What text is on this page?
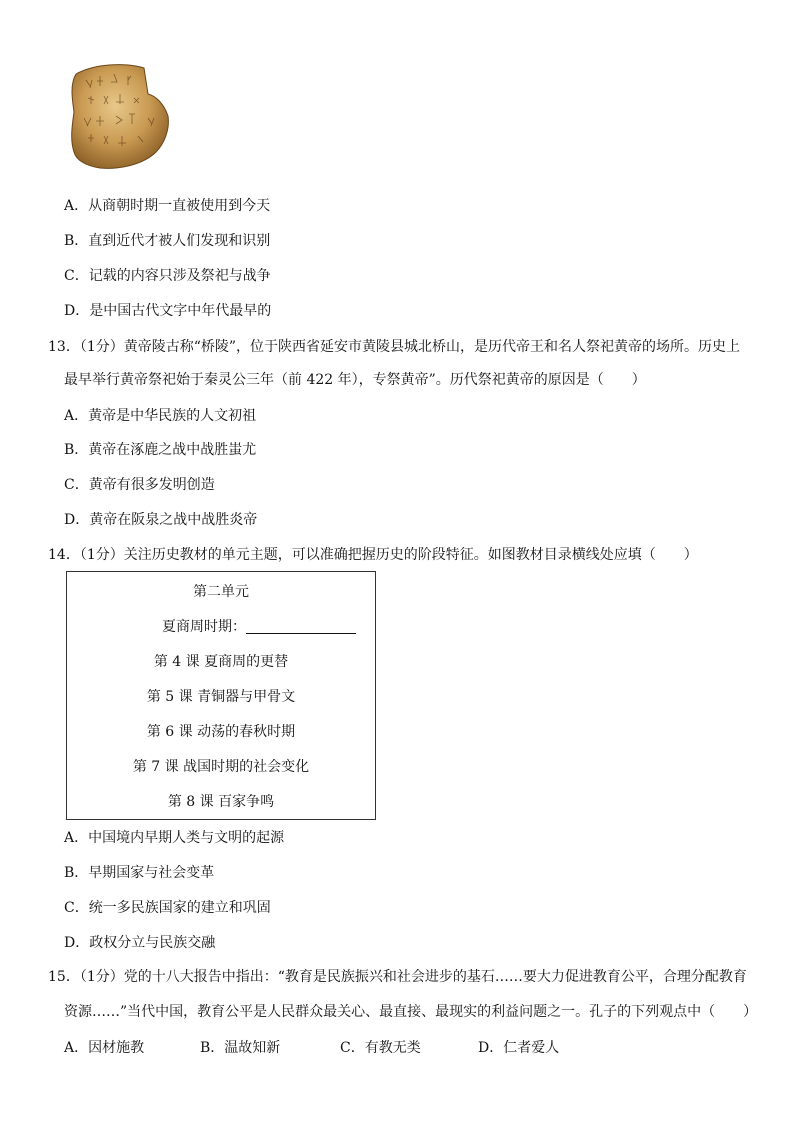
A．从商朝时期一直被使用到今天
B．直到近代才被人们发现和识别
C．记载的内容只涉及祭祀与战争
D．是中国古代文字中年代最早的
13．（1分）黄帝陵古称“桥陵”，位于陕西省延安市黄陵县城北桥山，是历代帝王和名人祭祀黄帝的场所。历史上
最早举行黄帝祭祀始于秦灵公三年（前 422 年），专祭黄帝”。历代祭祀黄帝的原因是（　　）
A．黄帝是中华民族的人文初祖
B．黄帝在涿鹿之战中战胜蚩尤
C．黄帝有很多发明创造
D．黄帝在阪泉之战中战胜炎帝
14．（1分）关注历史教材的单元主题，可以准确把握历史的阶段特征。如图教材目录横线处应填（　　）
第二单元
夏商周时期：
第 4 课 夏商周的更替
第 5 课 青铜器与甲骨文
第 6 课 动荡的春秋时期
第 7 课 战国时期的社会变化
第 8 课 百家争鸣
A．中国境内早期人类与文明的起源
B．早期国家与社会变革
C．统一多民族国家的建立和巩固
D．政权分立与民族交融
15．（1分）党的十八大报告中指出：“教育是民族振兴和社会进步的基石……要大力促进教育公平，合理分配教育
资源……”当代中国，教育公平是人民群众最关心、最直接、最现实的利益问题之一。孔子的下列观点中（　　）
A．因材施教	B．温故知新	C．有教无类	D．仁者爱人
